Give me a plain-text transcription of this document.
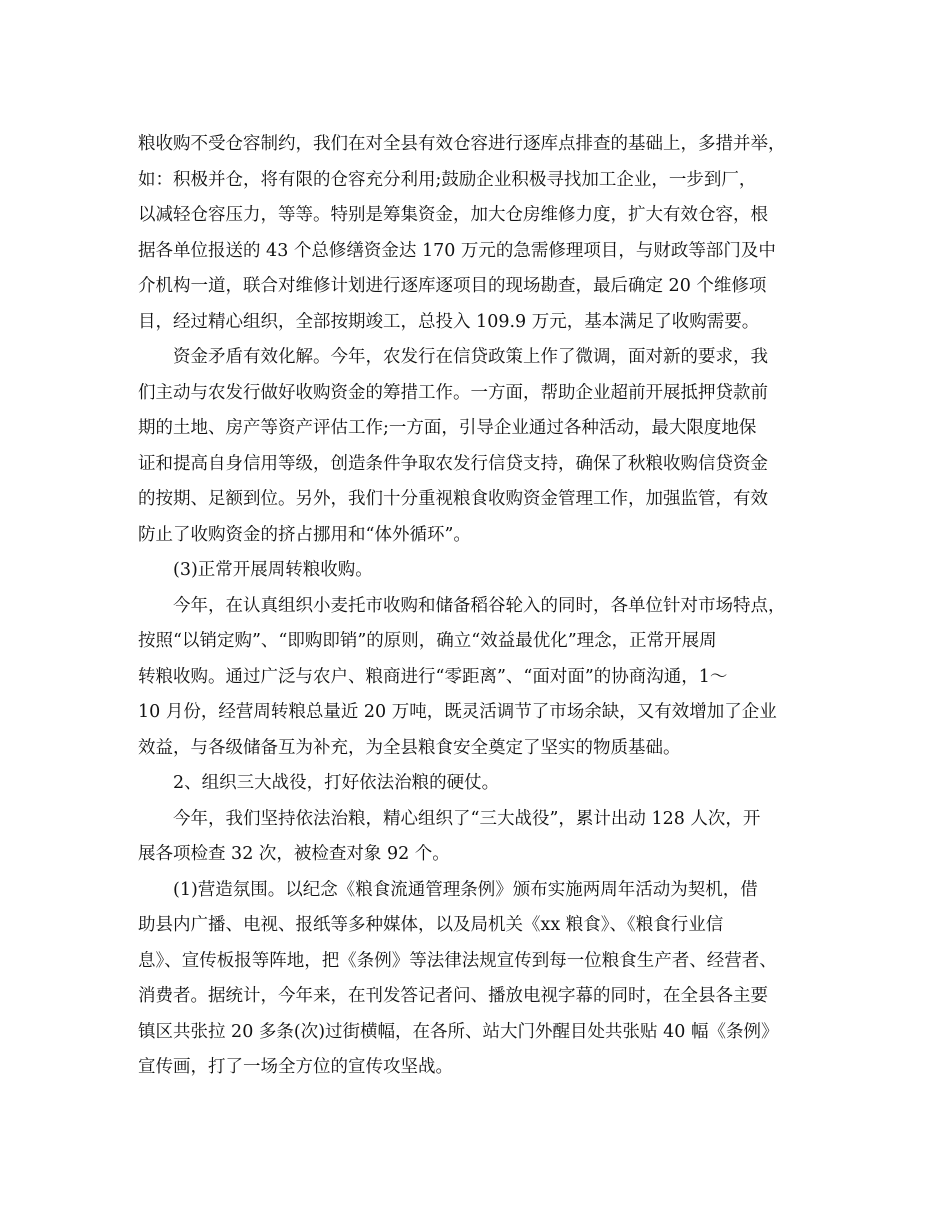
粮收购不受仓容制约，我们在对全县有效仓容进行逐库点排查的基础上，多措并举，
如：积极并仓，将有限的仓容充分利用;鼓励企业积极寻找加工企业，一步到厂，
以减轻仓容压力，等等。特别是筹集资金，加大仓房维修力度，扩大有效仓容，根
据各单位报送的 43 个总修缮资金达 170 万元的急需修理项目，与财政等部门及中
介机构一道，联合对维修计划进行逐库逐项目的现场勘查，最后确定 20 个维修项
目，经过精心组织，全部按期竣工，总投入 109.9 万元，基本满足了收购需要。
资金矛盾有效化解。今年，农发行在信贷政策上作了微调，面对新的要求，我
们主动与农发行做好收购资金的筹措工作。一方面，帮助企业超前开展抵押贷款前
期的土地、房产等资产评估工作;一方面，引导企业通过各种活动，最大限度地保
证和提高自身信用等级，创造条件争取农发行信贷支持，确保了秋粮收购信贷资金
的按期、足额到位。另外，我们十分重视粮食收购资金管理工作，加强监管，有效
防止了收购资金的挤占挪用和“体外循环”。
(3)正常开展周转粮收购。
今年，在认真组织小麦托市收购和储备稻谷轮入的同时，各单位针对市场特点，
按照“以销定购”、“即购即销”的原则，确立“效益最优化”理念，正常开展周
转粮收购。通过广泛与农户、粮商进行“零距离”、“面对面”的协商沟通，1～
10 月份，经营周转粮总量近 20 万吨，既灵活调节了市场余缺，又有效增加了企业
效益，与各级储备互为补充，为全县粮食安全奠定了坚实的物质基础。
2、组织三大战役，打好依法治粮的硬仗。
今年，我们坚持依法治粮，精心组织了“三大战役”，累计出动 128 人次，开
展各项检查 32 次，被检查对象 92 个。
(1)营造氛围。以纪念《粮食流通管理条例》颁布实施两周年活动为契机，借
助县内广播、电视、报纸等多种媒体，以及局机关《xx 粮食》、《粮食行业信
息》、宣传板报等阵地，把《条例》等法律法规宣传到每一位粮食生产者、经营者、
消费者。据统计，今年来，在刊发答记者问、播放电视字幕的同时，在全县各主要
镇区共张拉 20 多条(次)过街横幅，在各所、站大门外醒目处共张贴 40 幅《条例》
宣传画，打了一场全方位的宣传攻坚战。
